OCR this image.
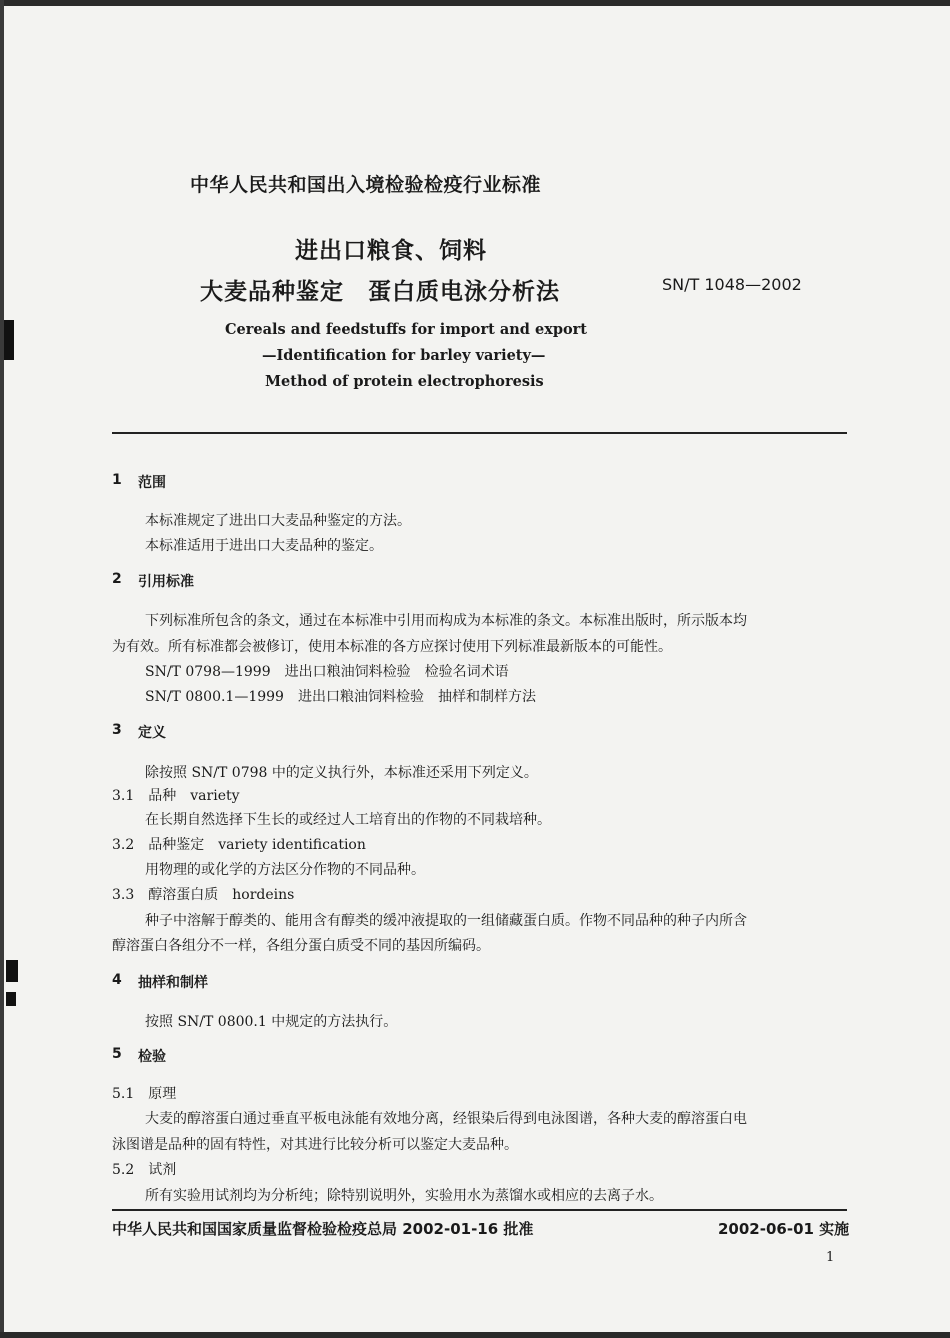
中华人民共和国出入境检验检疫行业标准
进出口粮食、饲料
大麦品种鉴定　蛋白质电泳分析法	SN/T 1048—2002
Cereals and feedstuffs for import and export
—Identification for barley variety—
Method of protein electrophoresis
1 范围
本标准规定了进出口大麦品种鉴定的方法。
本标准适用于进出口大麦品种的鉴定。
2 引用标准
下列标准所包含的条文，通过在本标准中引用而构成为本标准的条文。本标准出版时，所示版本均
为有效。所有标准都会被修订，使用本标准的各方应探讨使用下列标准最新版本的可能性。
SN/T 0798—1999　进出口粮油饲料检验　检验名词术语
SN/T 0800.1—1999　进出口粮油饲料检验　抽样和制样方法
3 定义
除按照 SN/T 0798 中的定义执行外，本标准还采用下列定义。
3.1　品种　variety
在长期自然选择下生长的或经过人工培育出的作物的不同栽培种。
3.2　品种鉴定　variety identification
用物理的或化学的方法区分作物的不同品种。
3.3　醇溶蛋白质　hordeins
种子中溶解于醇类的、能用含有醇类的缓冲液提取的一组储藏蛋白质。作物不同品种的种子内所含
醇溶蛋白各组分不一样，各组分蛋白质受不同的基因所编码。
4 抽样和制样
按照 SN/T 0800.1 中规定的方法执行。
5 检验
5.1　原理
大麦的醇溶蛋白通过垂直平板电泳能有效地分离，经银染后得到电泳图谱，各种大麦的醇溶蛋白电
泳图谱是品种的固有特性，对其进行比较分析可以鉴定大麦品种。
5.2　试剂
所有实验用试剂均为分析纯；除特别说明外，实验用水为蒸馏水或相应的去离子水。
中华人民共和国国家质量监督检验检疫总局 2002-01-16 批准	2002-06-01 实施
1
